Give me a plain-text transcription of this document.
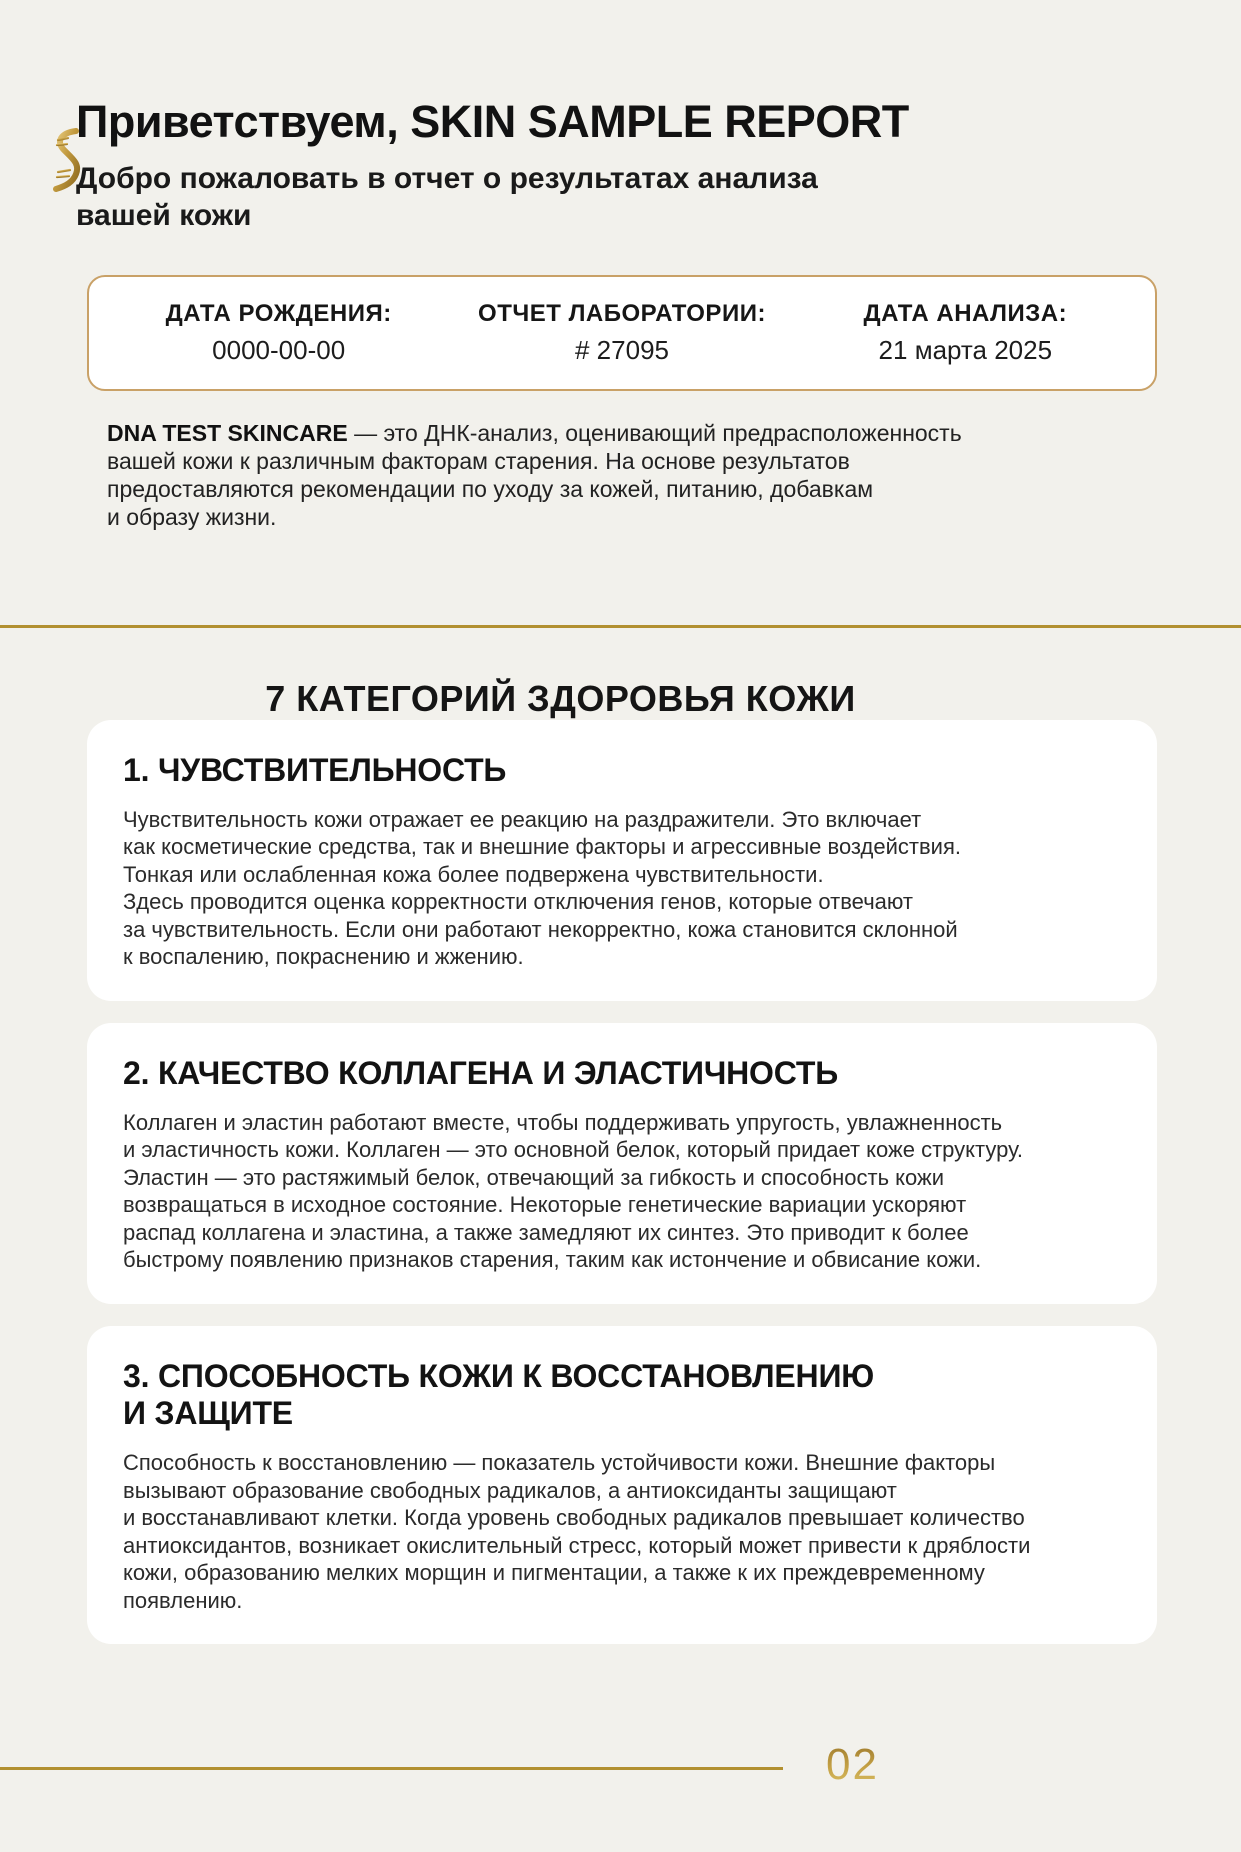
Приветствуем, SKIN SAMPLE REPORT
Добро пожаловать в отчет о результатах анализа
вашей кожи
ДАТА РОЖДЕНИЯ:
0000-00-00
ОТЧЕТ ЛАБОРАТОРИИ:
# 27095
ДАТА АНАЛИЗА:
21 марта 2025
DNA TEST SKINCARE — это ДНК-анализ, оценивающий предрасположенность
вашей кожи к различным факторам старения. На основе результатов
предоставляются рекомендации по уходу за кожей, питанию, добавкам
и образу жизни.
7 КАТЕГОРИЙ ЗДОРОВЬЯ КОЖИ
1. ЧУВСТВИТЕЛЬНОСТЬ
Чувствительность кожи отражает ее реакцию на раздражители. Это включает
как косметические средства, так и внешние факторы и агрессивные воздействия.
Тонкая или ослабленная кожа более подвержена чувствительности.
Здесь проводится оценка корректности отключения генов, которые отвечают
за чувствительность. Если они работают некорректно, кожа становится склонной
к воспалению, покраснению и жжению.
2. КАЧЕСТВО КОЛЛАГЕНА И ЭЛАСТИЧНОСТЬ
Коллаген и эластин работают вместе, чтобы поддерживать упругость, увлажненность
и эластичность кожи. Коллаген — это основной белок, который придает коже структуру.
Эластин — это растяжимый белок, отвечающий за гибкость и способность кожи
возвращаться в исходное состояние. Некоторые генетические вариации ускоряют
распад коллагена и эластина, а также замедляют их синтез. Это приводит к более
быстрому появлению признаков старения, таким как истончение и обвисание кожи.
3. СПОСОБНОСТЬ КОЖИ К ВОССТАНОВЛЕНИЮ
И ЗАЩИТЕ
Способность к восстановлению — показатель устойчивости кожи. Внешние факторы
вызывают образование свободных радикалов, а антиоксиданты защищают
и восстанавливают клетки. Когда уровень свободных радикалов превышает количество
антиоксидантов, возникает окислительный стресс, который может привести к дряблости
кожи, образованию мелких морщин и пигментации, а также к их преждевременному
появлению.
02
